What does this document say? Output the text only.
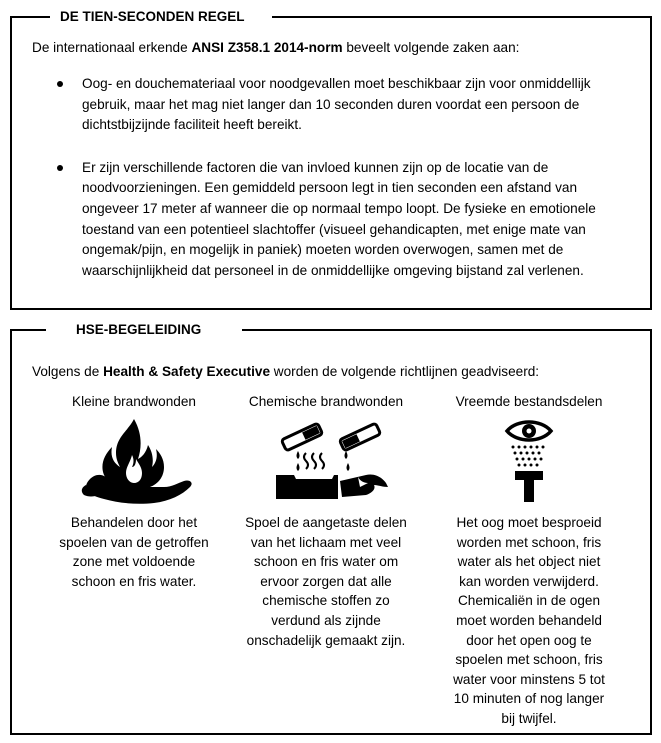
DE TIEN-SECONDEN REGEL
De internationaal erkende ANSI Z358.1 2014-norm beveelt volgende zaken aan:
Oog- en douchemateriaal voor noodgevallen moet beschikbaar zijn voor onmiddellijk gebruik, maar het mag niet langer dan 10 seconden duren voordat een persoon de dichtstbijzijnde faciliteit heeft bereikt.
Er zijn verschillende factoren die van invloed kunnen zijn op de locatie van de noodvoorzieningen. Een gemiddeld persoon legt in tien seconden een afstand van ongeveer 17 meter af wanneer die op normaal tempo loopt. De fysieke en emotionele toestand van een potentieel slachtoffer (visueel gehandicapten, met enige mate van ongemak/pijn, en mogelijk in paniek) moeten worden overwogen, samen met de waarschijnlijkheid dat personeel in de onmiddellijke omgeving bijstand zal verlenen.
HSE-BEGELEIDING
Volgens de Health & Safety Executive worden de volgende richtlijnen geadviseerd:
Kleine brandwonden
Behandelen door het spoelen van de getroffen zone met voldoende schoon en fris water.
Chemische brandwonden
Spoel de aangetaste delen van het lichaam met veel schoon en fris water om ervoor zorgen dat alle chemische stoffen zo verdund als zijnde onschadelijk gemaakt zijn.
Vreemde bestandsdelen
Het oog moet besproeid worden met schoon, fris water als het object niet kan worden verwijderd. Chemicaliën in de ogen moet worden behandeld door het open oog te spoelen met schoon, fris water voor minstens 5 tot 10 minuten of nog langer bij twijfel.
